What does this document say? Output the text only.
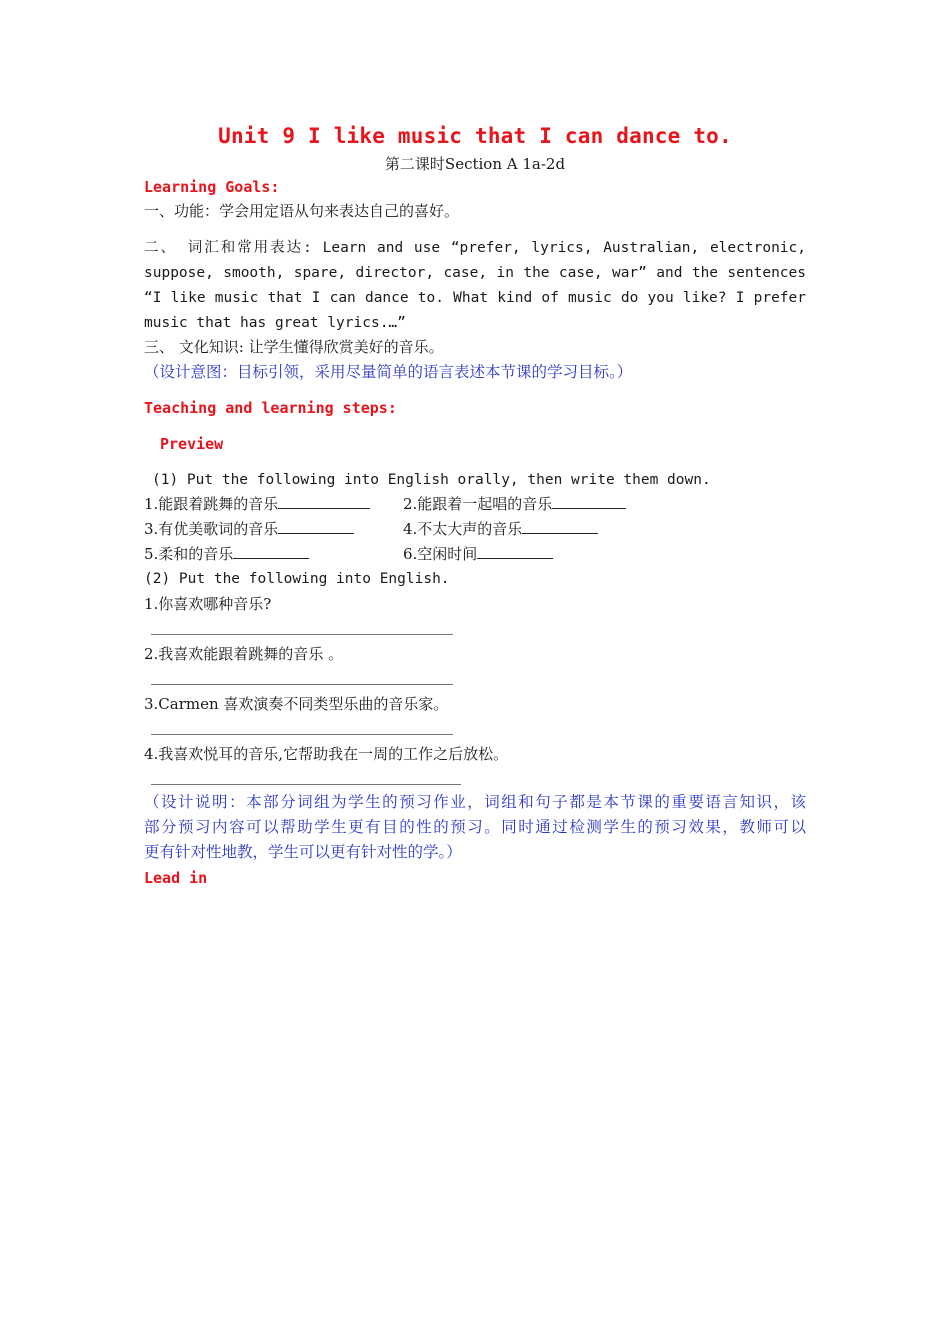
Unit 9 I like music that I can dance to.
第二课时Section A 1a-2d
Learning Goals:
一、功能：学会用定语从句来表达自己的喜好。
二、 词汇和常用表达: Learn and use “prefer, lyrics, Australian, electronic,
suppose, smooth, spare, director, case, in the case, war” and the sentences
“I like music that I can dance to. What kind of music do you like? I prefer
music that has great lyrics.…”
三、 文化知识: 让学生懂得欣赏美好的音乐。
（设计意图：目标引领，采用尽量简单的语言表述本节课的学习目标。）
Teaching and learning steps:
Preview
(1) Put the following into English orally, then write them down.
1.能跟着跳舞的音乐	2.能跟着一起唱的音乐
3.有优美歌词的音乐	4.不太大声的音乐
5.柔和的音乐	6.空闲时间
(2) Put the following into English.
1.你喜欢哪种音乐?
2.我喜欢能跟着跳舞的音乐 。
3.Carmen 喜欢演奏不同类型乐曲的音乐家。
4.我喜欢悦耳的音乐,它帮助我在一周的工作之后放松。
（设计说明：本部分词组为学生的预习作业，词组和句子都是本节课的重要语言知识，该
部分预习内容可以帮助学生更有目的性的预习。同时通过检测学生的预习效果，教师可以
更有针对性地教，学生可以更有针对性的学。）
Lead in
